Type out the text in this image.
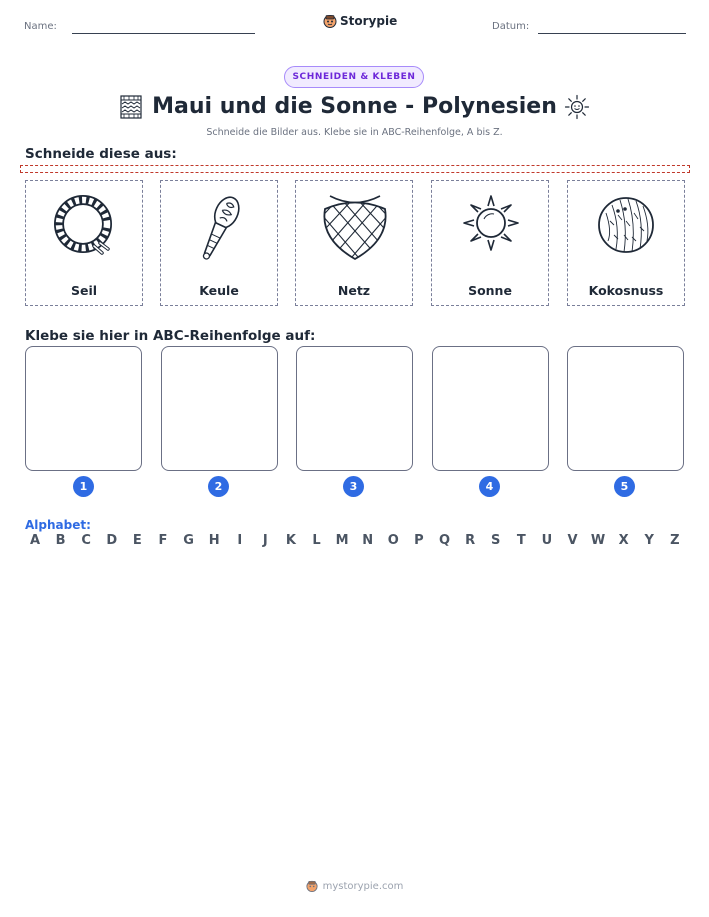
Name:	Storypie	Datum:
SCHNEIDEN & KLEBEN
Maui und die Sonne - Polynesien
Schneide die Bilder aus. Klebe sie in ABC-Reihenfolge, A bis Z.
Schneide diese aus:
Seil	Keule	Netz	Sonne	Kokosnuss
Klebe sie hier in ABC-Reihenfolge auf:
1	2	3	4	5
Alphabet:
A	B	C	D	E	F	G	H	I	J	K	L	M	N	O	P	Q	R	S	T	U	V	W	X	Y	Z
mystorypie.com
